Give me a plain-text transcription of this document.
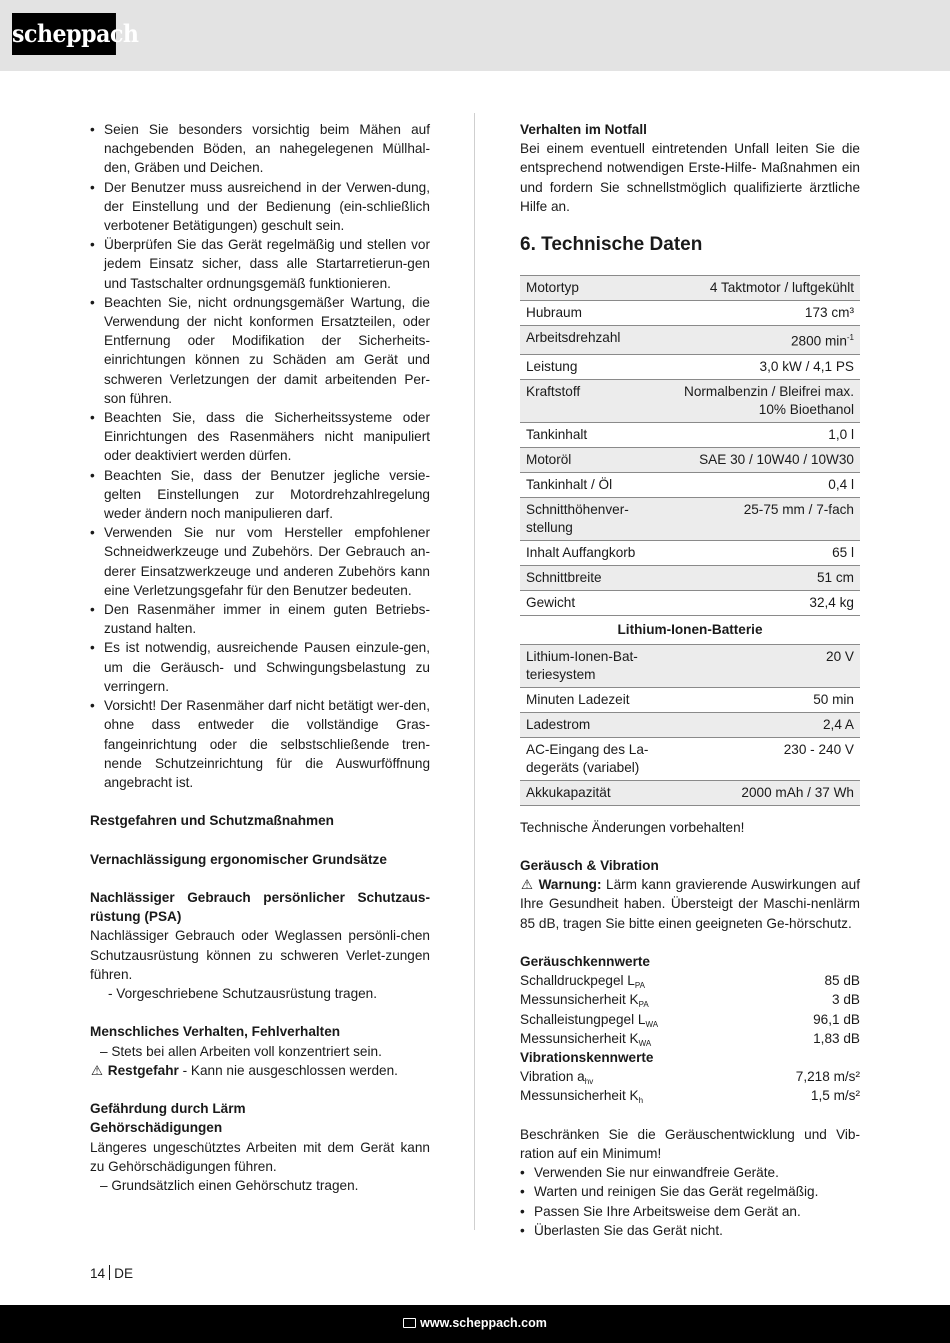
scheppach
• Seien Sie besonders vorsichtig beim Mähen auf nachgebenden Böden, an nahegelegenen Müllhal-den, Gräben und Deichen.
• Der Benutzer muss ausreichend in der Verwen-dung, der Einstellung und der Bedienung (ein-schließlich verbotener Betätigungen) geschult sein.
• Überprüfen Sie das Gerät regelmäßig und stellen vor jedem Einsatz sicher, dass alle Startarretierun-gen und Tastschalter ordnungsgemäß funktionieren.
• Beachten Sie, nicht ordnungsgemäßer Wartung, die Verwendung der nicht konformen Ersatzteilen, oder Entfernung oder Modifikation der Sicherheits-einrichtungen können zu Schäden am Gerät und schweren Verletzungen der damit arbeitenden Per-son führen.
• Beachten Sie, dass die Sicherheitssysteme oder Einrichtungen des Rasenmähers nicht manipuliert oder deaktiviert werden dürfen.
• Beachten Sie, dass der Benutzer jegliche versie-gelten Einstellungen zur Motordrehzahlregelung weder ändern noch manipulieren darf.
• Verwenden Sie nur vom Hersteller empfohlener Schneidwerkzeuge und Zubehörs. Der Gebrauch an-derer Einsatzwerkzeuge und anderen Zubehörs kann eine Verletzungsgefahr für den Benutzer bedeuten.
• Den Rasenmäher immer in einem guten Betriebs-zustand halten.
• Es ist notwendig, ausreichende Pausen einzule-gen, um die Geräusch- und Schwingungsbelastung zu verringern.
• Vorsicht! Der Rasenmäher darf nicht betätigt wer-den, ohne dass entweder die vollständige Gras-fangeinrichtung oder die selbstschließende tren-nende Schutzeinrichtung für die Auswurföffnung angebracht ist.

Restgefahren und Schutzmaßnahmen

Vernachlässigung ergonomischer Grundsätze

Nachlässiger Gebrauch persönlicher Schutzaus-rüstung (PSA)

Nachlässiger Gebrauch oder Weglassen persönli-chen Schutzausrüstung können zu schweren Verlet-zungen führen.

- Vorgeschriebene Schutzausrüstung tragen.

Menschliches Verhalten, Fehlverhalten

– Stets bei allen Arbeiten voll konzentriert sein.

⚠ Restgefahr - Kann nie ausgeschlossen werden.

Gefährdung durch Lärm

Gehörschädigungen

Längeres ungeschütztes Arbeiten mit dem Gerät kann zu Gehörschädigungen führen.

– Grundsätzlich einen Gehörschutz tragen.

Verhalten im Notfall

Bei einem eventuell eintretenden Unfall leiten Sie die entsprechend notwendigen Erste-Hilfe- Maßnahmen ein und fordern Sie schnellstmöglich qualifizierte ärztliche Hilfe an.

6. Technische Daten
Motortyp	4 Taktmotor / luftgekühlt
Hubraum	173 cm³
Arbeitsdrehzahl	2800 $\min^{-1}$
Leistung	3,0 kW / 4,1 PS
Kraftstoff	Normalbenzin / Bleifrei max. 10% Bioethanol
Tankinhalt	1,0 l
Motoröl	SAE 30 / 10W40 / 10W30
Tankinhalt / Öl	0,4 l
Schnitthöhenver-stellung	25-75 mm / 7-fach
Inhalt Auffangkorb	65 l
Schnittbreite	51 cm
Gewicht	32,4 kg
Lithium-Ionen-Batterie	
Lithium-Ionen-Bat-teriesystem	20 V
Minuten Ladezeit	50 min
Ladestrom	2,4 A
AC-Eingang des La-degeräts (variabel)	230 - 240 V
Akkukapazität	2000 mAh / 37 Wh

Technische Änderungen vorbehalten!

Geräusch & Vibration

⚠ Warnung: Lärm kann gravierende Auswirkungen auf Ihre Gesundheit haben. Übersteigt der Maschi-nenlärm 85 dB, tragen Sie bitte einen geeigneten Ge-hörschutz.

Geräuschkennwerte

Schalldruckpegel $L_{PA}$	85 dB
Messunsicherheit $K_{PA}$	3 dB
Schalleistungpegel $L_{WA}$	96,1 dB
Messunsicherheit $K_{WA}$	1,83 dB

Vibrationskennwerte

Vibration $a_{hv}$	7,218 m/s²
Messunsicherheit $K_h$	1,5 m/s²

Beschränken Sie die Geräuschentwicklung und Vib-ration auf ein Minimum!

• Verwenden Sie nur einwandfreie Geräte.
• Warten und reinigen Sie das Gerät regelmäßig.
• Passen Sie Ihre Arbeitsweise dem Gerät an.
• Überlasten Sie das Gerät nicht.
14 DE
www.scheppach.com
